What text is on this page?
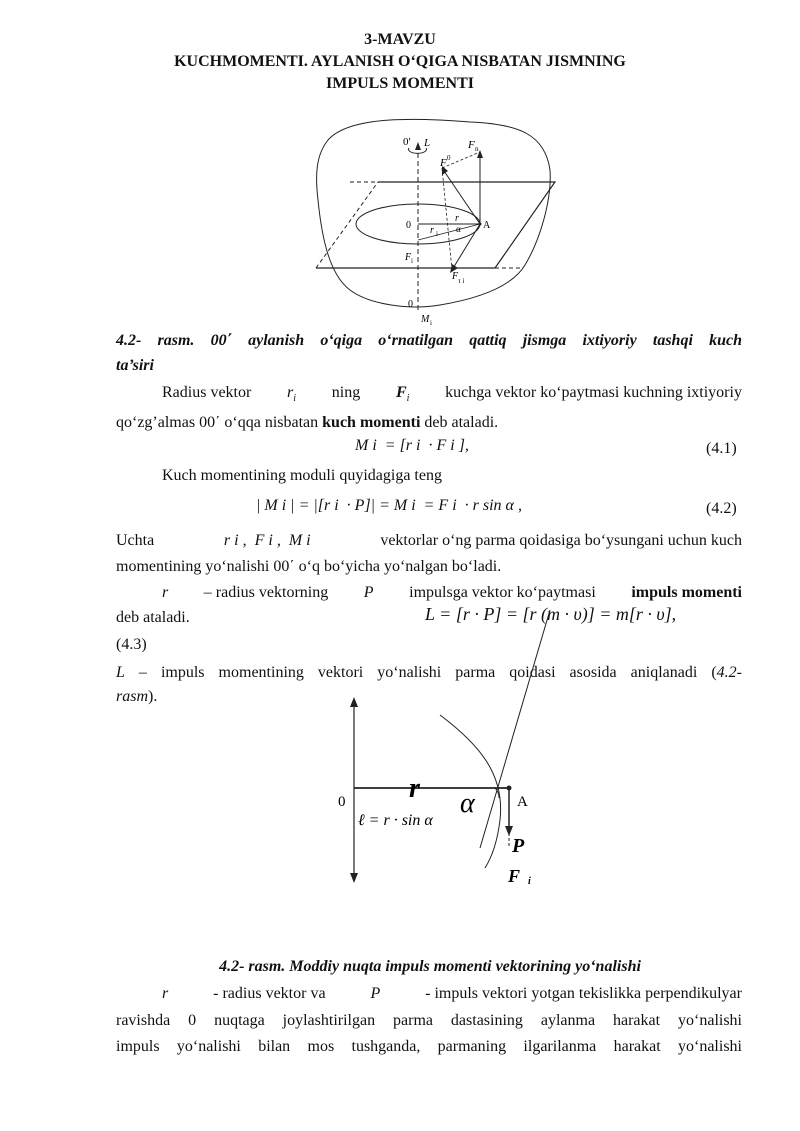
3-MAVZU
KUCHMOMENTI. AYLANISH O‘QIGA NISBATAN JISMNING
IMPULS MOMENTI
0′ L	F n
F 0
0
r
α A
r i
F i
F τ i
0
M i
4.2- rasm. 00΄ aylanish o‘qiga o‘rnatilgan qattiq jismga ixtiyoriy tashqi kuch
ta’siri
Radius vektor $r_i$ ning $F_i$ kuchga vektor ko‘paytmasi kuchning ixtiyoriy
qo‘zg’almas 00΄ o‘qqa nisbatan kuch momenti deb ataladi.
M i  = [r i  · F i ],	(4.1)
Kuch momentining moduli quyidagiga teng
| M i | = |[r i  · P]| = M i  = F i  · r sin α ,	(4.2)
Uchta	r i ,  F i ,  M i	vektorlar o‘ng parma qoidasiga bo‘ysungani uchun kuch
momentining yo‘nalishi 00΄ o‘q bo‘yicha yo‘nalgan bo‘ladi.
r – radius vektorning P impulsga vektor ko‘paytmasi impuls momenti
deb ataladi.	L = [r · P] = [r (m · υ)] = m[r · υ],
(4.3)
L – impuls momentining vektori yo‘nalishi parma qoidasi asosida aniqlanadi (4.2-
rasm).
0 r α	A
ℓ = r · sin α
P
F i
4.2- rasm. Moddiy nuqta impuls momenti vektorining yo‘nalishi
r	- radius vektor va	P	- impuls vektori yotgan tekislikka perpendikulyar
ravishda 0 nuqtaga joylashtirilgan parma dastasining aylanma harakat yo‘nalishi
impuls yo‘nalishi bilan mos tushganda, parmaning ilgarilanma harakat yo‘nalishi
